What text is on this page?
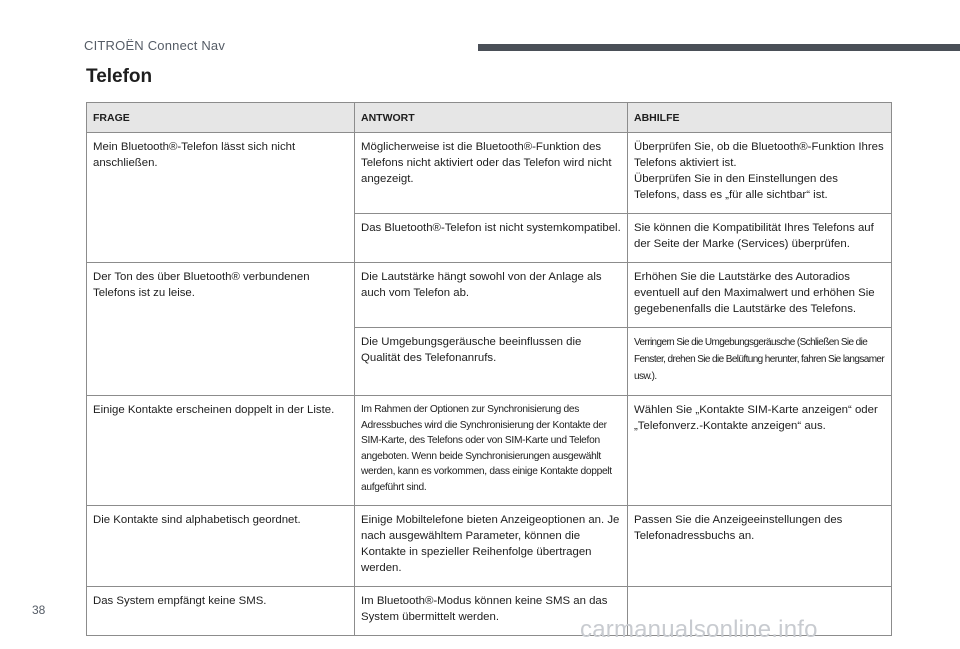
CITROËN Connect Nav
Telefon
FRAGE	ANTWORT	ABHILFE
Mein Bluetooth®-Telefon lässt sich nicht anschließen.	Möglicherweise ist die Bluetooth®-Funktion des Telefons nicht aktiviert oder das Telefon wird nicht angezeigt.	Überprüfen Sie, ob die Bluetooth®-Funktion Ihres Telefons aktiviert ist.
Überprüfen Sie in den Einstellungen des Telefons, dass es „für alle sichtbar“ ist.
	Das Bluetooth®-Telefon ist nicht systemkompatibel.	Sie können die Kompatibilität Ihres Telefons auf der Seite der Marke (Services) überprüfen.
Der Ton des über Bluetooth® verbundenen Telefons ist zu leise.	Die Lautstärke hängt sowohl von der Anlage als auch vom Telefon ab.	Erhöhen Sie die Lautstärke des Autoradios eventuell auf den Maximalwert und erhöhen Sie gegebenenfalls die Lautstärke des Telefons.
	Die Umgebungsgeräusche beeinflussen die Qualität des Telefonanrufs.	Verringern Sie die Umgebungsgeräusche (Schließen Sie die Fenster, drehen Sie die Belüftung herunter, fahren Sie langsamer usw.).
Einige Kontakte erscheinen doppelt in der Liste.	Im Rahmen der Optionen zur Synchronisierung des Adressbuches wird die Synchronisierung der Kontakte der SIM-Karte, des Telefons oder von SIM-Karte und Telefon angeboten. Wenn beide Synchronisierungen ausgewählt werden, kann es vorkommen, dass einige Kontakte doppelt aufgeführt sind.	Wählen Sie „Kontakte SIM-Karte anzeigen“ oder „Telefonverz.-Kontakte anzeigen“ aus.
Die Kontakte sind alphabetisch geordnet.	Einige Mobiltelefone bieten Anzeigeoptionen an. Je nach ausgewähltem Parameter, können die Kontakte in spezieller Reihenfolge übertragen werden.	Passen Sie die Anzeigeeinstellungen des Telefonadressbuchs an.
Das System empfängt keine SMS.	Im Bluetooth®-Modus können keine SMS an das System übermittelt werden.	
38
carmanualsonline.info
